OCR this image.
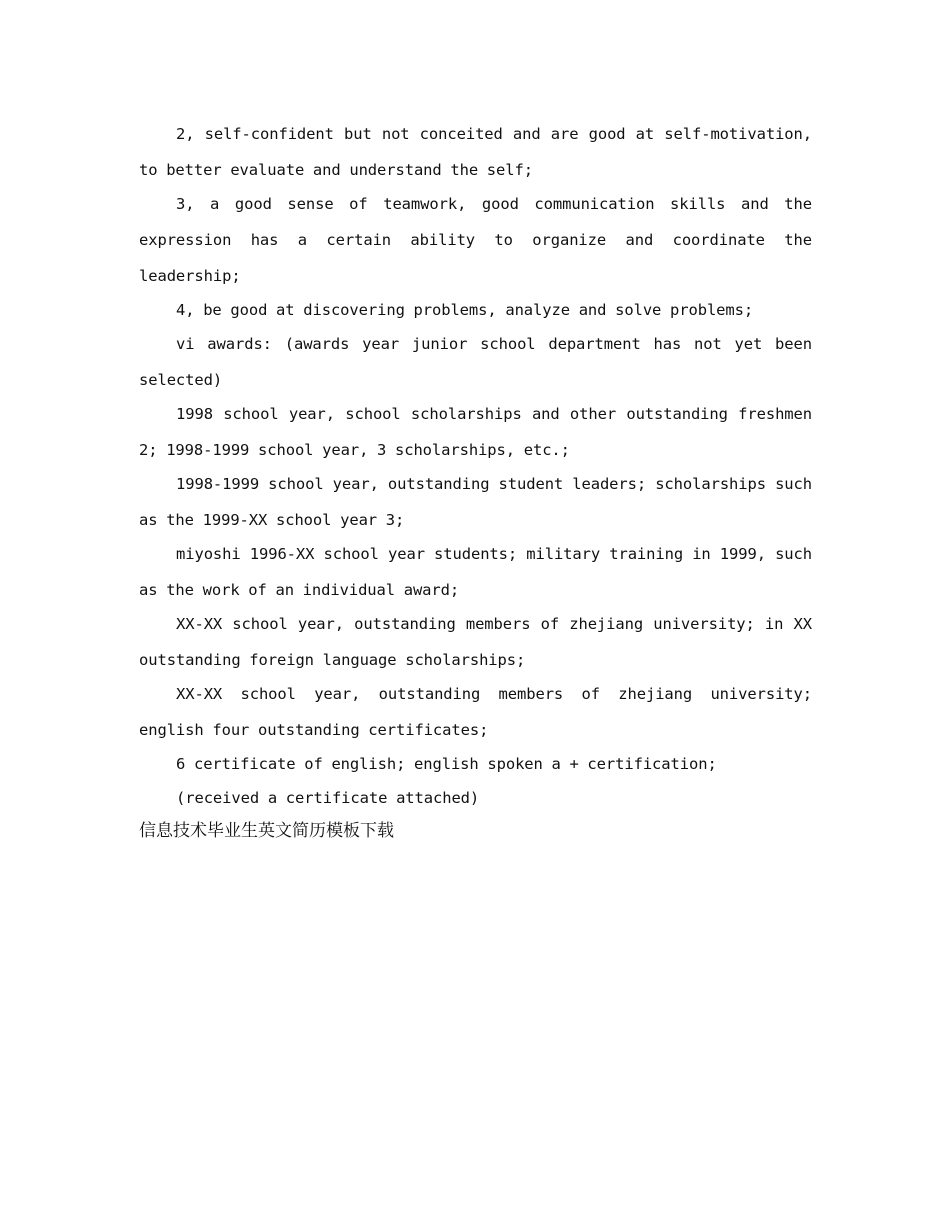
2, self-confident but not conceited and are good at self-motivation, to better evaluate and understand the self;

3, a good sense of teamwork, good communication skills and the expression has a certain ability to organize and coordinate the leadership;

4, be good at discovering problems, analyze and solve problems;

vi awards: (awards year junior school department has not yet been selected)

1998 school year, school scholarships and other outstanding freshmen 2; 1998-1999 school year, 3 scholarships, etc.;

1998-1999 school year, outstanding student leaders; scholarships such as the 1999-XX school year 3;

miyoshi 1996-XX school year students; military training in 1999, such as the work of an individual award;

XX-XX school year, outstanding members of zhejiang university; in XX outstanding foreign language scholarships;

XX-XX school year, outstanding members of zhejiang university; english four outstanding certificates;

6 certificate of english; english spoken a + certification;

(received a certificate attached)

信息技术毕业生英文简历模板下载
